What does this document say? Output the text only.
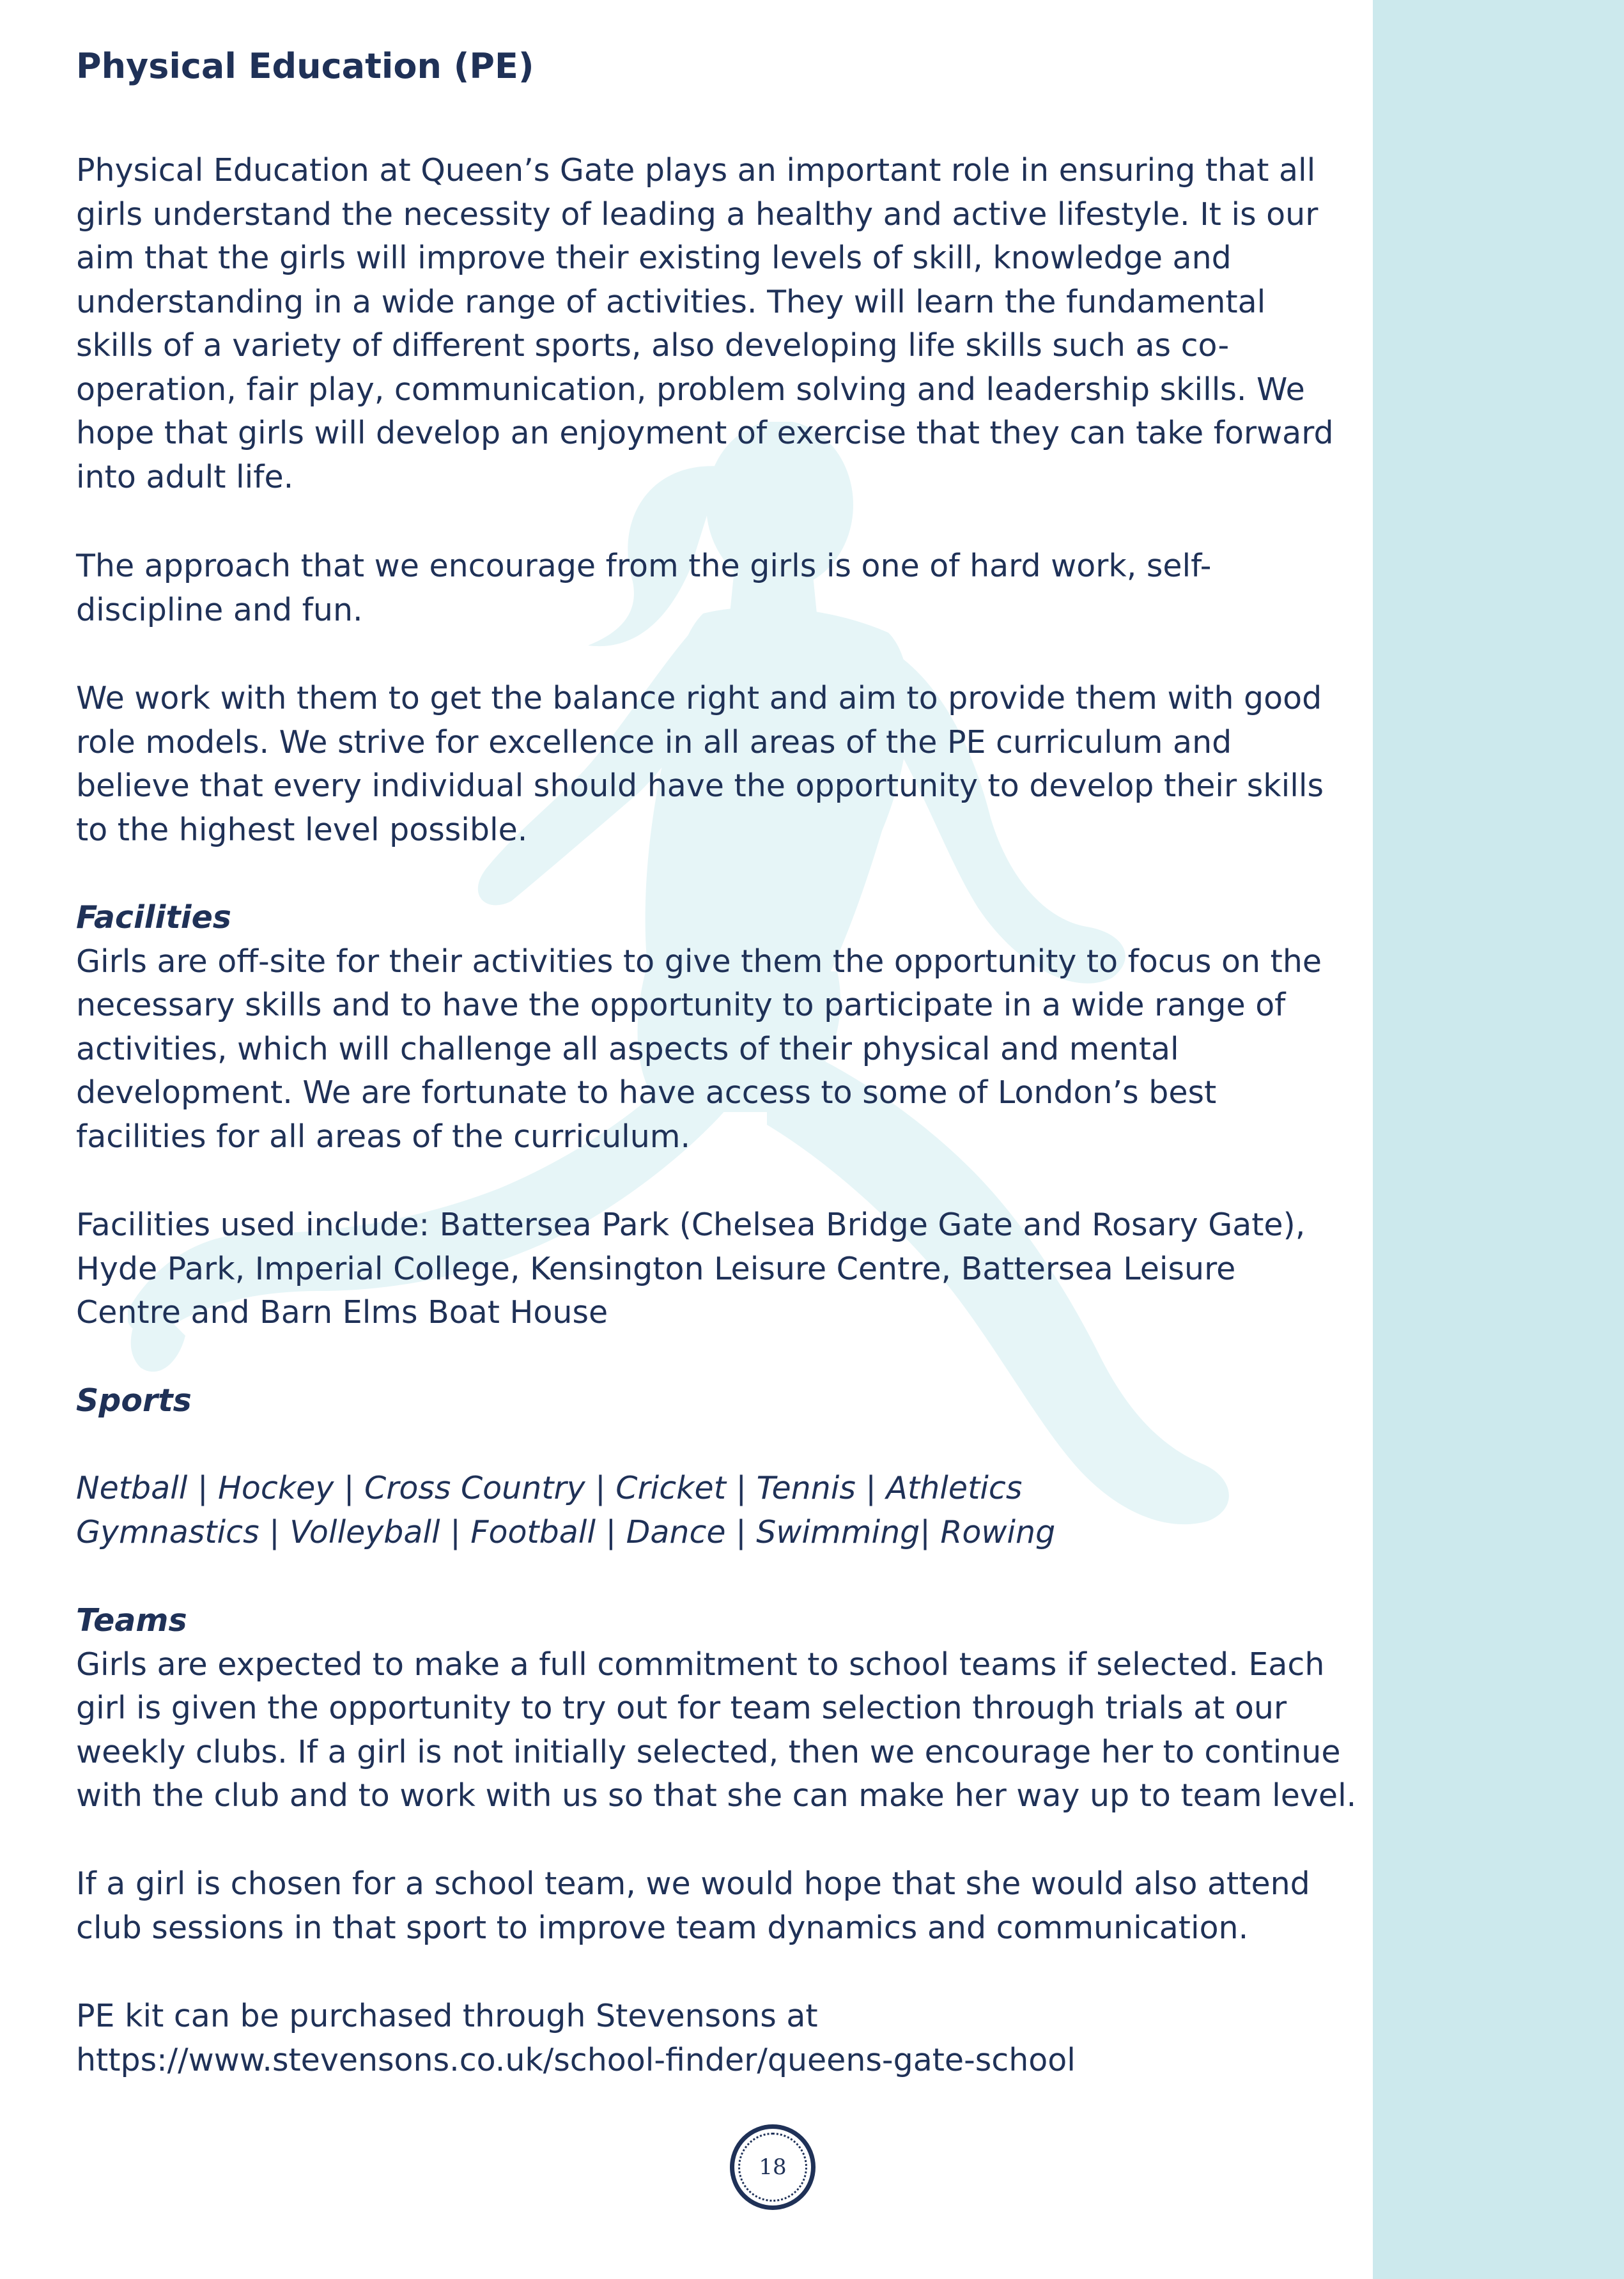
Physical Education (PE)

Physical Education at Queen’s Gate plays an important role in ensuring that all
girls understand the necessity of leading a healthy and active lifestyle. It is our
aim that the girls will improve their existing levels of skill, knowledge and
understanding in a wide range of activities. They will learn the fundamental
skills of a variety of different sports, also developing life skills such as co-
operation, fair play, communication, problem solving and leadership skills. We
hope that girls will develop an enjoyment of exercise that they can take forward
into adult life.

The approach that we encourage from the girls is one of hard work, self-
discipline and fun.

We work with them to get the balance right and aim to provide them with good
role models. We strive for excellence in all areas of the PE curriculum and
believe that every individual should have the opportunity to develop their skills
to the highest level possible.

Facilities
Girls are off-site for their activities to give them the opportunity to focus on the
necessary skills and to have the opportunity to participate in a wide range of
activities, which will challenge all aspects of their physical and mental
development. We are fortunate to have access to some of London’s best
facilities for all areas of the curriculum.

Facilities used include: Battersea Park (Chelsea Bridge Gate and Rosary Gate),
Hyde Park, Imperial College, Kensington Leisure Centre, Battersea Leisure
Centre and Barn Elms Boat House

Sports

Netball | Hockey | Cross Country | Cricket | Tennis | Athletics
Gymnastics | Volleyball | Football | Dance | Swimming| Rowing

Teams
Girls are expected to make a full commitment to school teams if selected. Each
girl is given the opportunity to try out for team selection through trials at our
weekly clubs. If a girl is not initially selected, then we encourage her to continue
with the club and to work with us so that she can make her way up to team level.

If a girl is chosen for a school team, we would hope that she would also attend
club sessions in that sport to improve team dynamics and communication.

PE kit can be purchased through Stevensons at
https://www.stevensons.co.uk/school-finder/queens-gate-school

18
